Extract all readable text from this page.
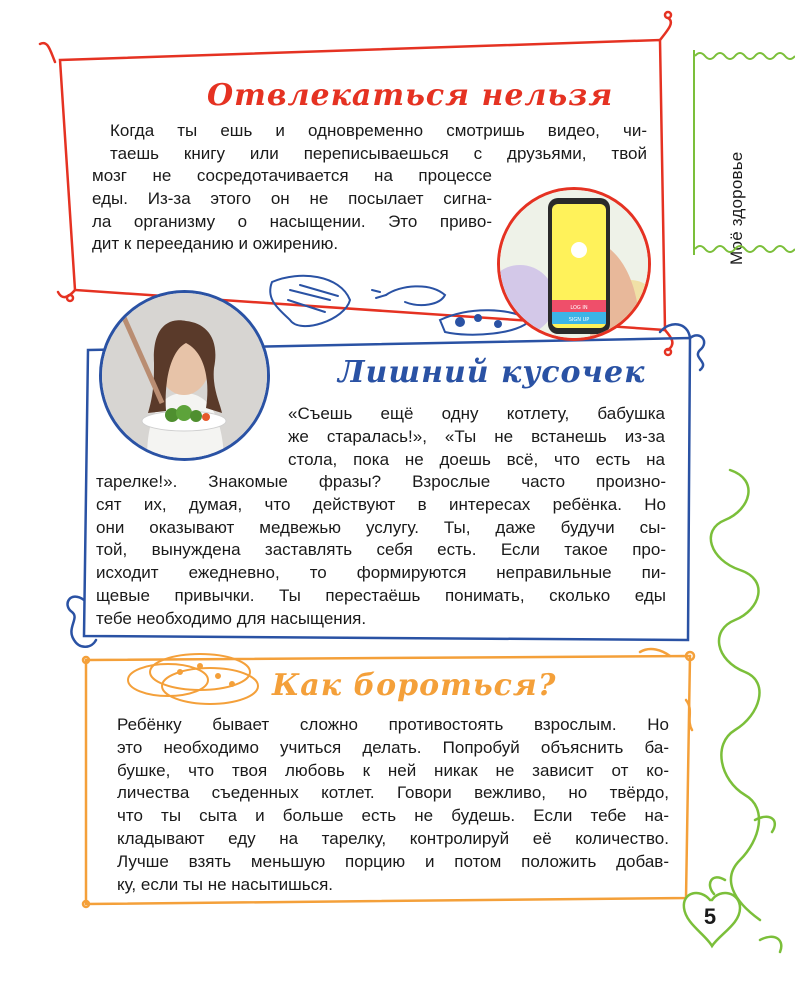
Моё здоровье
Отвлекаться нельзя
Когда ты ешь и одновременно смотришь видео, чи-
таешь книгу или переписываешься с друзьями, твой
мозг не сосредотачивается на процессе
еды. Из-за этого он не посылает сигна-
ла организму о насыщении. Это приво-
дит к перееданию и ожирению.
LOG IN
SIGN UP
Лишний кусочек
«Съешь ещё одну котлету, бабушка
же старалась!», «Ты не встанешь из-за
стола, пока не доешь всё, что есть на
тарелке!». Знакомые фразы? Взрослые часто произно-
сят их, думая, что действуют в интересах ребёнка. Но
они оказывают медвежью услугу. Ты, даже будучи сы-
той, вынуждена заставлять себя есть. Если такое про-
исходит ежедневно, то формируются неправильные пи-
щевые привычки. Ты перестаёшь понимать, сколько еды
тебе необходимо для насыщения.
Как бороться?
Ребёнку бывает сложно противостоять взрослым. Но
это необходимо учиться делать. Попробуй объяснить ба-
бушке, что твоя любовь к ней никак не зависит от ко-
личества съеденных котлет. Говори вежливо, но твёрдо,
что ты сыта и больше есть не будешь. Если тебе на-
кладывают еду на тарелку, контролируй её количество.
Лучше взять меньшую порцию и потом положить добав-
ку, если ты не насытишься.
5
